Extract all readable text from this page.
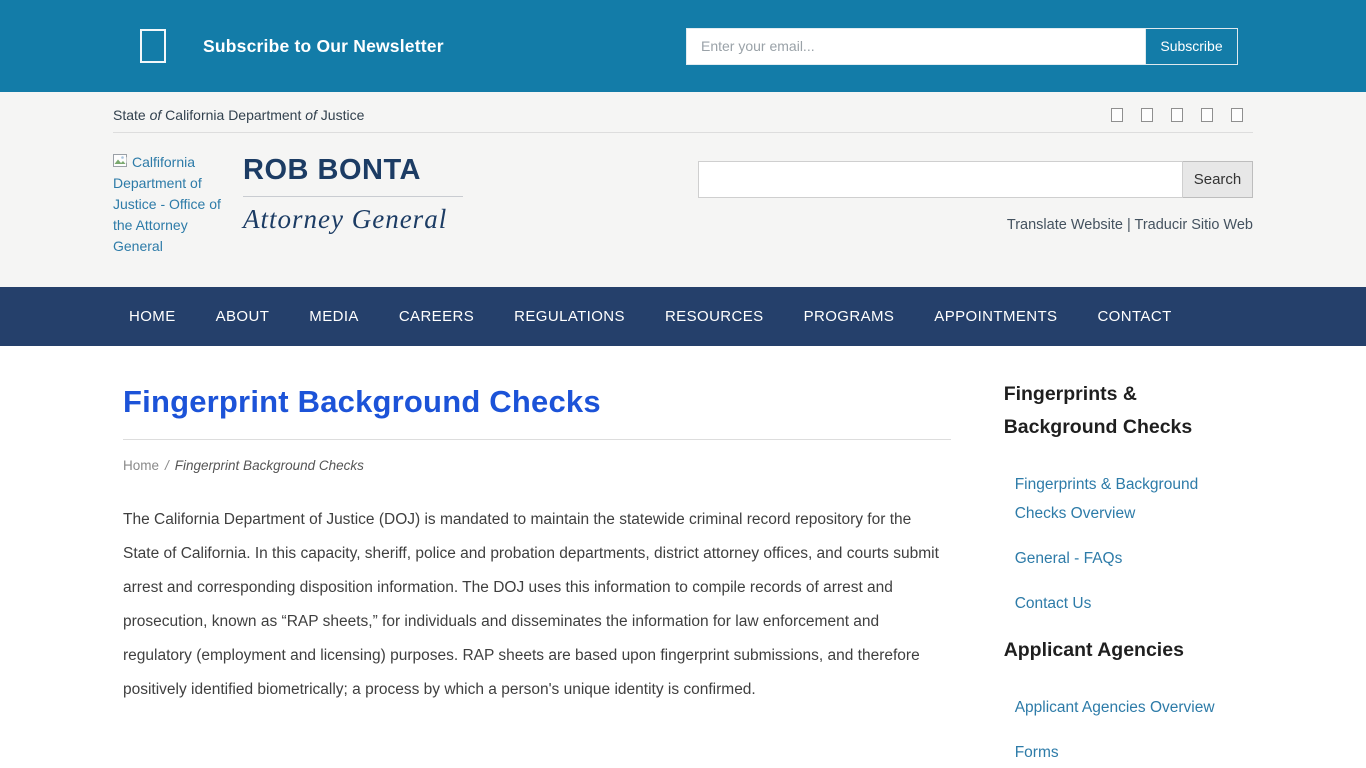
Subscribe to Our Newsletter
Enter your email...	Subscribe
State of California Department of Justice
Calfifornia Department of Justice - Office of the Attorney General
ROB BONTA
Attorney General
Search
Translate Website | Traducir Sitio Web
HOME	ABOUT	MEDIA	CAREERS	REGULATIONS	RESOURCES	PROGRAMS	APPOINTMENTS	CONTACT
Fingerprint Background Checks
Home / Fingerprint Background Checks

The California Department of Justice (DOJ) is mandated to maintain the statewide criminal record repository for the State of California. In this capacity, sheriff, police and probation departments, district attorney offices, and courts submit arrest and corresponding disposition information. The DOJ uses this information to compile records of arrest and prosecution, known as “RAP sheets,” for individuals and disseminates the information for law enforcement and regulatory (employment and licensing) purposes. RAP sheets are based upon fingerprint submissions, and therefore positively identified biometrically; a process by which a person's unique identity is confirmed.

Fingerprints & Background Checks
Fingerprints & Background Checks Overview
General - FAQs
Contact Us
Applicant Agencies
Applicant Agencies Overview
Forms
